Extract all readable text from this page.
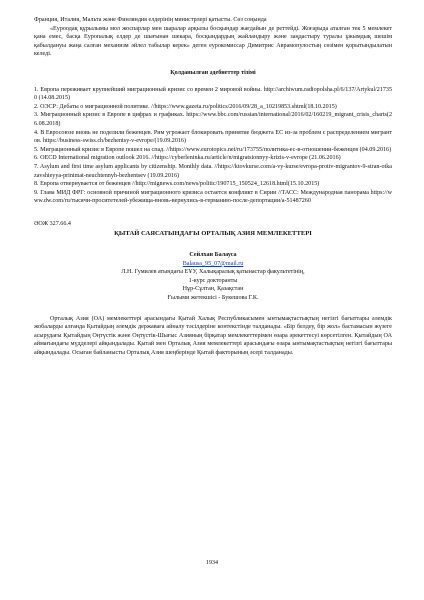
Франция, Италия, Мальта және Финляндия елдерінің министрлері қатысты. Сөз соңында

«Еуроодақ құрылымы мол жоспарлар мен шаралар арқылы босқындар жағдайын де реттейді. Жоғарыда аталған тек 5 мемлекет қана емес, басқа Еуропалық елдер де шығынан шекара, босқындардың жайландыру және заңдастыру туралы ұжымдық шешім қабылдануы жаңа салған механизм әйлел табылар керек» деген еурокомиссар Димитрис Аврамопулостың сөзімен қорытындылатын келеді.

Қолданылған әдебиеттер тізімі

1. Европа переживает крупнейший миграционный кризис со времен 2 мировой войны. http://archiwum.radiopolsha.pl/6/137/Artykul/217350 (14.08.2015)

2. ОЭСР: Дебаты о миграционной политике. //https://www.gazeta.ru/politics/2016/09/28_a_10219853.shtml(18.10.2015)

3. Миграционный кризис в Европе в цифрах и графиках. https://www.bbc.com/russian/international/2016/02/160219_migrant_crisis_charts(26.08.2018)

4. В Евросоюзе вновь не поделили беженцев. Рим угрожает блокировать принятие бюджета ЕС из-за проблем с распределением мигрантов. https://business-swiss.ch/bezhentsy-v-evrope/(19.09.2016)

5. Миграционный кризис в Европе пошел на спад. //https://www.eurotopics.net/ru/173755/политика-ес-в-отношении-беженцев (04.09.2016)

6. OECD International migration outlook 2016. //https://cyberleninka.ru/article/n/migratsionnyy-krizis-v-evrope (21.06.2016)

7. Asylum and first time asylum applicants by citizenship. Monthly data. //https://ktovkurse.com/a-vy-kurse/evropa-protiv-migrantov-9-stran-otkazavshieyya-prinimat-neuchtennyh-bezhentsev (19.09.2016)

8. Европа отвернувается от беженцев //http://mignews.com/news/politic/190715_150524_12618.html(15.10.2015)

9. Глава МИД ФРГ: основной причиной миграционного кризиса остается конфликт в Сирии //ТАСС: Международная панорама https://www.dw.com/ru/тысячи-проситетелей-убежища-вновь-вернулись-в-германию-после-депортации/a-51487260

ӘОЖ 327.66.4

ҚЫТАЙ САЯСАТЫНДАҒЫ ОРТАЛЫҚ АЗИЯ МЕМЛЕКЕТТЕРІ

Сейлхан Балауса

Balausa_95_07@mail.ru

Л.Н. Гумилев атындағы ЕҰУ, Халықаралық қатынастар факультетінің,

1-курс докторанты

Нұр-Сұлтан, Қазақстан

Ғылыми жетекшісі - Букешова Г.К.

Орталық Азия (ОА) мемлекеттері арасындағы Қытай Халық Республикасымен ынтымақтастықтың негізгі бағыттары әлемдік жобаларды алғанда Қытайдың әлемдік державаға айналу тәсілдеріне контекстінде талданады. «Бір белдеу, бір жол» бастамасын жүзеге асырудағы Қытайдың Оңтүстік және Оңтүстік-Шығыс Азияның бірқатар мемлекеттерімен өзара әрекеттесуі көрсетілген. Қытайдың ОА аймағындағы мүдделері айқындалады. Қытай мен Орталық Азия мемлекеттері арасындағы өзара ынтымақтастықтың негізгі бағыттары айқындалады. Осыған байланысты Орталық Азия шеңберінде Қытай факторының әсері талданады.

1934
